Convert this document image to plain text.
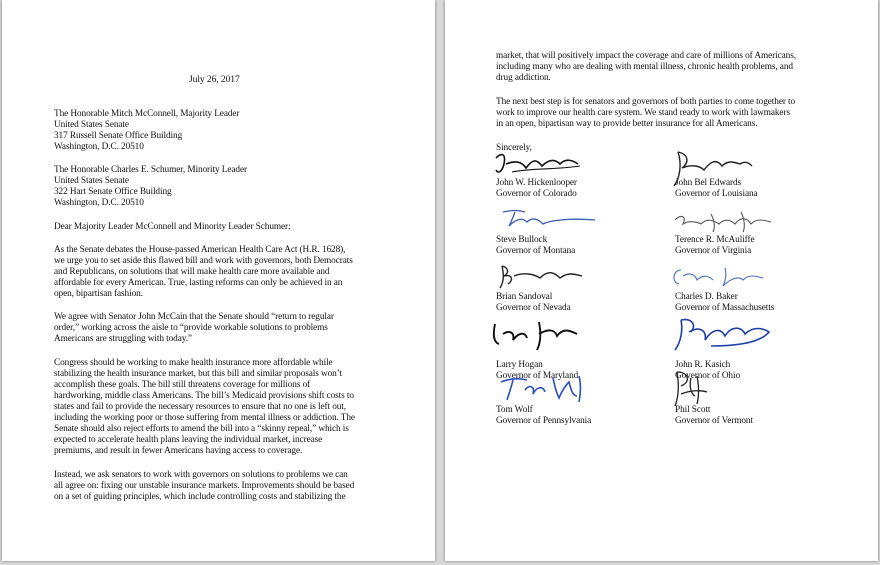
July 26, 2017

The Honorable Mitch McConnell, Majority Leader

United States Senate

317 Russell Senate Office Building

Washington, D.C. 20510

The Honorable Charles E. Schumer, Minority Leader

United States Senate

322 Hart Senate Office Building

Washington, D.C. 20510

Dear Majority Leader McConnell and Minority Leader Schumer:

As the Senate debates the House-passed American Health Care Act (H.R. 1628),

we urge you to set aside this flawed bill and work with governors, both Democrats

and Republicans, on solutions that will make health care more available and

affordable for every American. True, lasting reforms can only be achieved in an

open, bipartisan fashion.

We agree with Senator John McCain that the Senate should “return to regular

order,” working across the aisle to “provide workable solutions to problems

Americans are struggling with today.”

Congress should be working to make health insurance more affordable while

stabilizing the health insurance market, but this bill and similar proposals won’t

accomplish these goals. The bill still threatens coverage for millions of

hardworking, middle class Americans. The bill’s Medicaid provisions shift costs to

states and fail to provide the necessary resources to ensure that no one is left out,

including the working poor or those suffering from mental illness or addiction. The

Senate should also reject efforts to amend the bill into a “skinny repeal,” which is

expected to accelerate health plans leaving the individual market, increase

premiums, and result in fewer Americans having access to coverage.

Instead, we ask senators to work with governors on solutions to problems we can

all agree on: fixing our unstable insurance markets. Improvements should be based

on a set of guiding principles, which include controlling costs and stabilizing the

market, that will positively impact the coverage and care of millions of Americans,

including many who are dealing with mental illness, chronic health problems, and

drug addiction.

The next best step is for senators and governors of both parties to come together to

work to improve our health care system. We stand ready to work with lawmakers

in an open, bipartisan way to provide better insurance for all Americans.

Sincerely,

John W. Hickenlooper

Governor of Colorado

John Bel Edwards

Governor of Louisiana

Steve Bullock

Governor of Montana

Terence R. McAuliffe

Governor of Virginia

Brian Sandoval

Governor of Nevada

Charles D. Baker

Governor of Massachusetts

Larry Hogan

Governor of Maryland

John R. Kasich

Governor of Ohio

Tom Wolf

Governor of Pennsylvania

Phil Scott

Governor of Vermont
